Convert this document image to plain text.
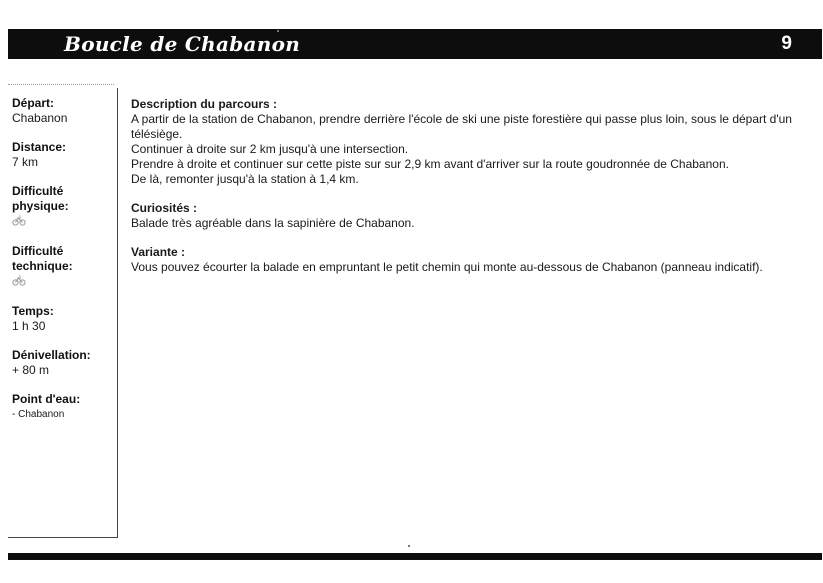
Boucle de Chabanon	9
Départ:
Chabanon
Distance:
7 km
Difficulté
physique:
Difficulté
technique:
Temps:
1 h 30
Dénivellation:
+ 80 m
Point d'eau:
- Chabanon
Description du parcours :

A partir de la station de Chabanon, prendre derrière l'école de ski une piste forestière qui passe plus loin, sous le départ d'un télésiège.

Continuer à droite sur 2 km jusqu'à une intersection.

Prendre à droite et continuer sur cette piste sur sur 2,9 km avant d'arriver sur la route goudronnée de Chabanon.

De là, remonter jusqu'à la station à 1,4 km.

Curiosités :
Balade très agréable dans la sapinière de Chabanon.
Variante :
Vous pouvez écourter la balade en empruntant le petit chemin qui monte au-dessous de Chabanon (panneau indicatif).
